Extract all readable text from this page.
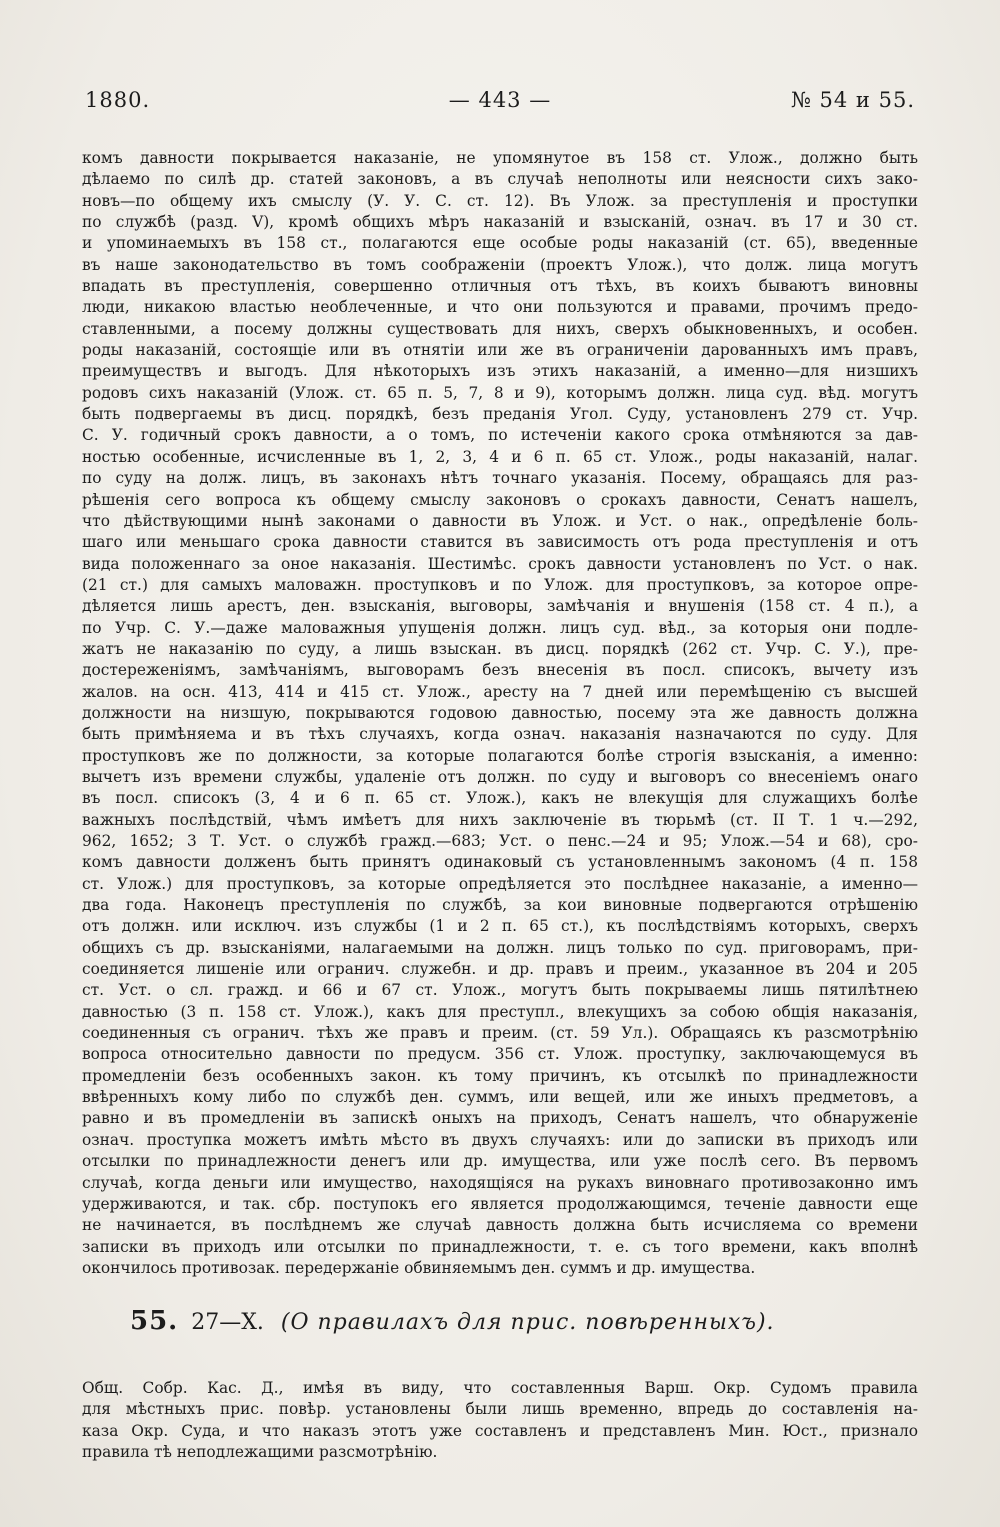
1880.	— 443 —	№ 54 и 55.
комъ давности покрывается наказаніе, не упомянутое въ 158 ст. Улож., должно быть
дѣлаемо по силѣ др. статей законовъ, а въ случаѣ неполноты или неясности сихъ зако-
новъ—по общему ихъ смыслу (У. У. С. ст. 12). Въ Улож. за преступленія и проступки
по службѣ (разд. V), кромѣ общихъ мѣръ наказаній и взысканій, означ. въ 17 и 30 ст.
и упоминаемыхъ въ 158 ст., полагаются еще особые роды наказаній (ст. 65), введенные
въ наше законодательство въ томъ соображеніи (проектъ Улож.), что долж. лица могутъ
впадать въ преступленія, совершенно отличныя отъ тѣхъ, въ коихъ бываютъ виновны
люди, никакою властью необлеченные, и что они пользуются и правами, прочимъ предо-
ставленными, а посему должны существовать для нихъ, сверхъ обыкновенныхъ, и особен.
роды наказаній, состоящіе или въ отнятіи или же въ ограниченіи дарованныхъ имъ правъ,
преимуществъ и выгодъ. Для нѣкоторыхъ изъ этихъ наказаній, а именно—для низшихъ
родовъ сихъ наказаній (Улож. ст. 65 п. 5, 7, 8 и 9), которымъ должн. лица суд. вѣд. могутъ
быть подвергаемы въ дисц. порядкѣ, безъ преданія Угол. Суду, установленъ 279 ст. Учр.
С. У. годичный срокъ давности, а о томъ, по истеченіи какого срока отмѣняются за дав-
ностью особенные, исчисленные въ 1, 2, 3, 4 и 6 п. 65 ст. Улож., роды наказаній, налаг.
по суду на долж. лицъ, въ законахъ нѣтъ точнаго указанія. Посему, обращаясь для раз-
рѣшенія сего вопроса къ общему смыслу законовъ о срокахъ давности, Сенатъ нашелъ,
что дѣйствующими нынѣ законами о давности въ Улож. и Уст. о нак., опредѣленіе боль-
шаго или меньшаго срока давности ставится въ зависимость отъ рода преступленія и отъ
вида положеннаго за оное наказанія. Шестимѣс. срокъ давности установленъ по Уст. о нак.
(21 ст.) для самыхъ маловажн. проступковъ и по Улож. для проступковъ, за которое опре-
дѣляется лишь арестъ, ден. взысканія, выговоры, замѣчанія и внушенія (158 ст. 4 п.), а
по Учр. С. У.—даже маловажныя упущенія должн. лицъ суд. вѣд., за которыя они подле-
жатъ не наказанію по суду, а лишь взыскан. въ дисц. порядкѣ (262 ст. Учр. С. У.), пре-
достереженіямъ, замѣчаніямъ, выговорамъ безъ внесенія въ посл. списокъ, вычету изъ
жалов. на осн. 413, 414 и 415 ст. Улож., аресту на 7 дней или перемѣщенію съ высшей
должности на низшую, покрываются годовою давностью, посему эта же давность должна
быть примѣняема и въ тѣхъ случаяхъ, когда означ. наказанія назначаются по суду. Для
проступковъ же по должности, за которые полагаются болѣе строгія взысканія, а именно:
вычетъ изъ времени службы, удаленіе отъ должн. по суду и выговоръ со внесеніемъ онаго
въ посл. списокъ (3, 4 и 6 п. 65 ст. Улож.), какъ не влекущія для служащихъ болѣе
важныхъ послѣдствій, чѣмъ имѣетъ для нихъ заключеніе въ тюрьмѣ (ст. II Т. 1 ч.—292,
962, 1652; 3 Т. Уст. о службѣ гражд.—683; Уст. о пенс.—24 и 95; Улож.—54 и 68), сро-
комъ давности долженъ быть принятъ одинаковый съ установленнымъ закономъ (4 п. 158
ст. Улож.) для проступковъ, за которые опредѣляется это послѣднее наказаніе, а именно—
два года. Наконецъ преступленія по службѣ, за кои виновные подвергаются отрѣшенію
отъ должн. или исключ. изъ службы (1 и 2 п. 65 ст.), къ послѣдствіямъ которыхъ, сверхъ
общихъ съ др. взысканіями, налагаемыми на должн. лицъ только по суд. приговорамъ, при-
соединяется лишеніе или огранич. служебн. и др. правъ и преим., указанное въ 204 и 205
ст. Уст. о сл. гражд. и 66 и 67 ст. Улож., могутъ быть покрываемы лишь пятилѣтнею
давностью (3 п. 158 ст. Улож.), какъ для преступл., влекущихъ за собою общія наказанія,
соединенныя съ огранич. тѣхъ же правъ и преим. (ст. 59 Ул.). Обращаясь къ разсмотрѣнію
вопроса относительно давности по предусм. 356 ст. Улож. проступку, заключающемуся въ
промедленіи безъ особенныхъ закон. къ тому причинъ, къ отсылкѣ по принадлежности
ввѣренныхъ кому либо по службѣ ден. суммъ, или вещей, или же иныхъ предметовъ, а
равно и въ промедленіи въ запискѣ оныхъ на приходъ, Сенатъ нашелъ, что обнаруженіе
означ. проступка можетъ имѣть мѣсто въ двухъ случаяхъ: или до записки въ приходъ или
отсылки по принадлежности денегъ или др. имущества, или уже послѣ сего. Въ первомъ
случаѣ, когда деньги или имущество, находящіяся на рукахъ виновнаго противозаконно имъ
удерживаются, и так. сбр. поступокъ его является продолжающимся, теченіе давности еще
не начинается, въ послѣднемъ же случаѣ давность должна быть исчисляема со времени
записки въ приходъ или отсылки по принадлежности, т. е. съ того времени, какъ вполнѣ
окончилось противозак. передержаніе обвиняемымъ ден. суммъ и др. имущества.
55. 27—X. (О правилахъ для прис. повѣренныхъ).
Общ. Собр. Кас. Д., имѣя въ виду, что составленныя Варш. Окр. Судомъ правила
для мѣстныхъ прис. повѣр. установлены были лишь временно, впредь до составленія на-
каза Окр. Суда, и что наказъ этотъ уже составленъ и представленъ Мин. Юст., признало
правила тѣ неподлежащими разсмотрѣнію.
